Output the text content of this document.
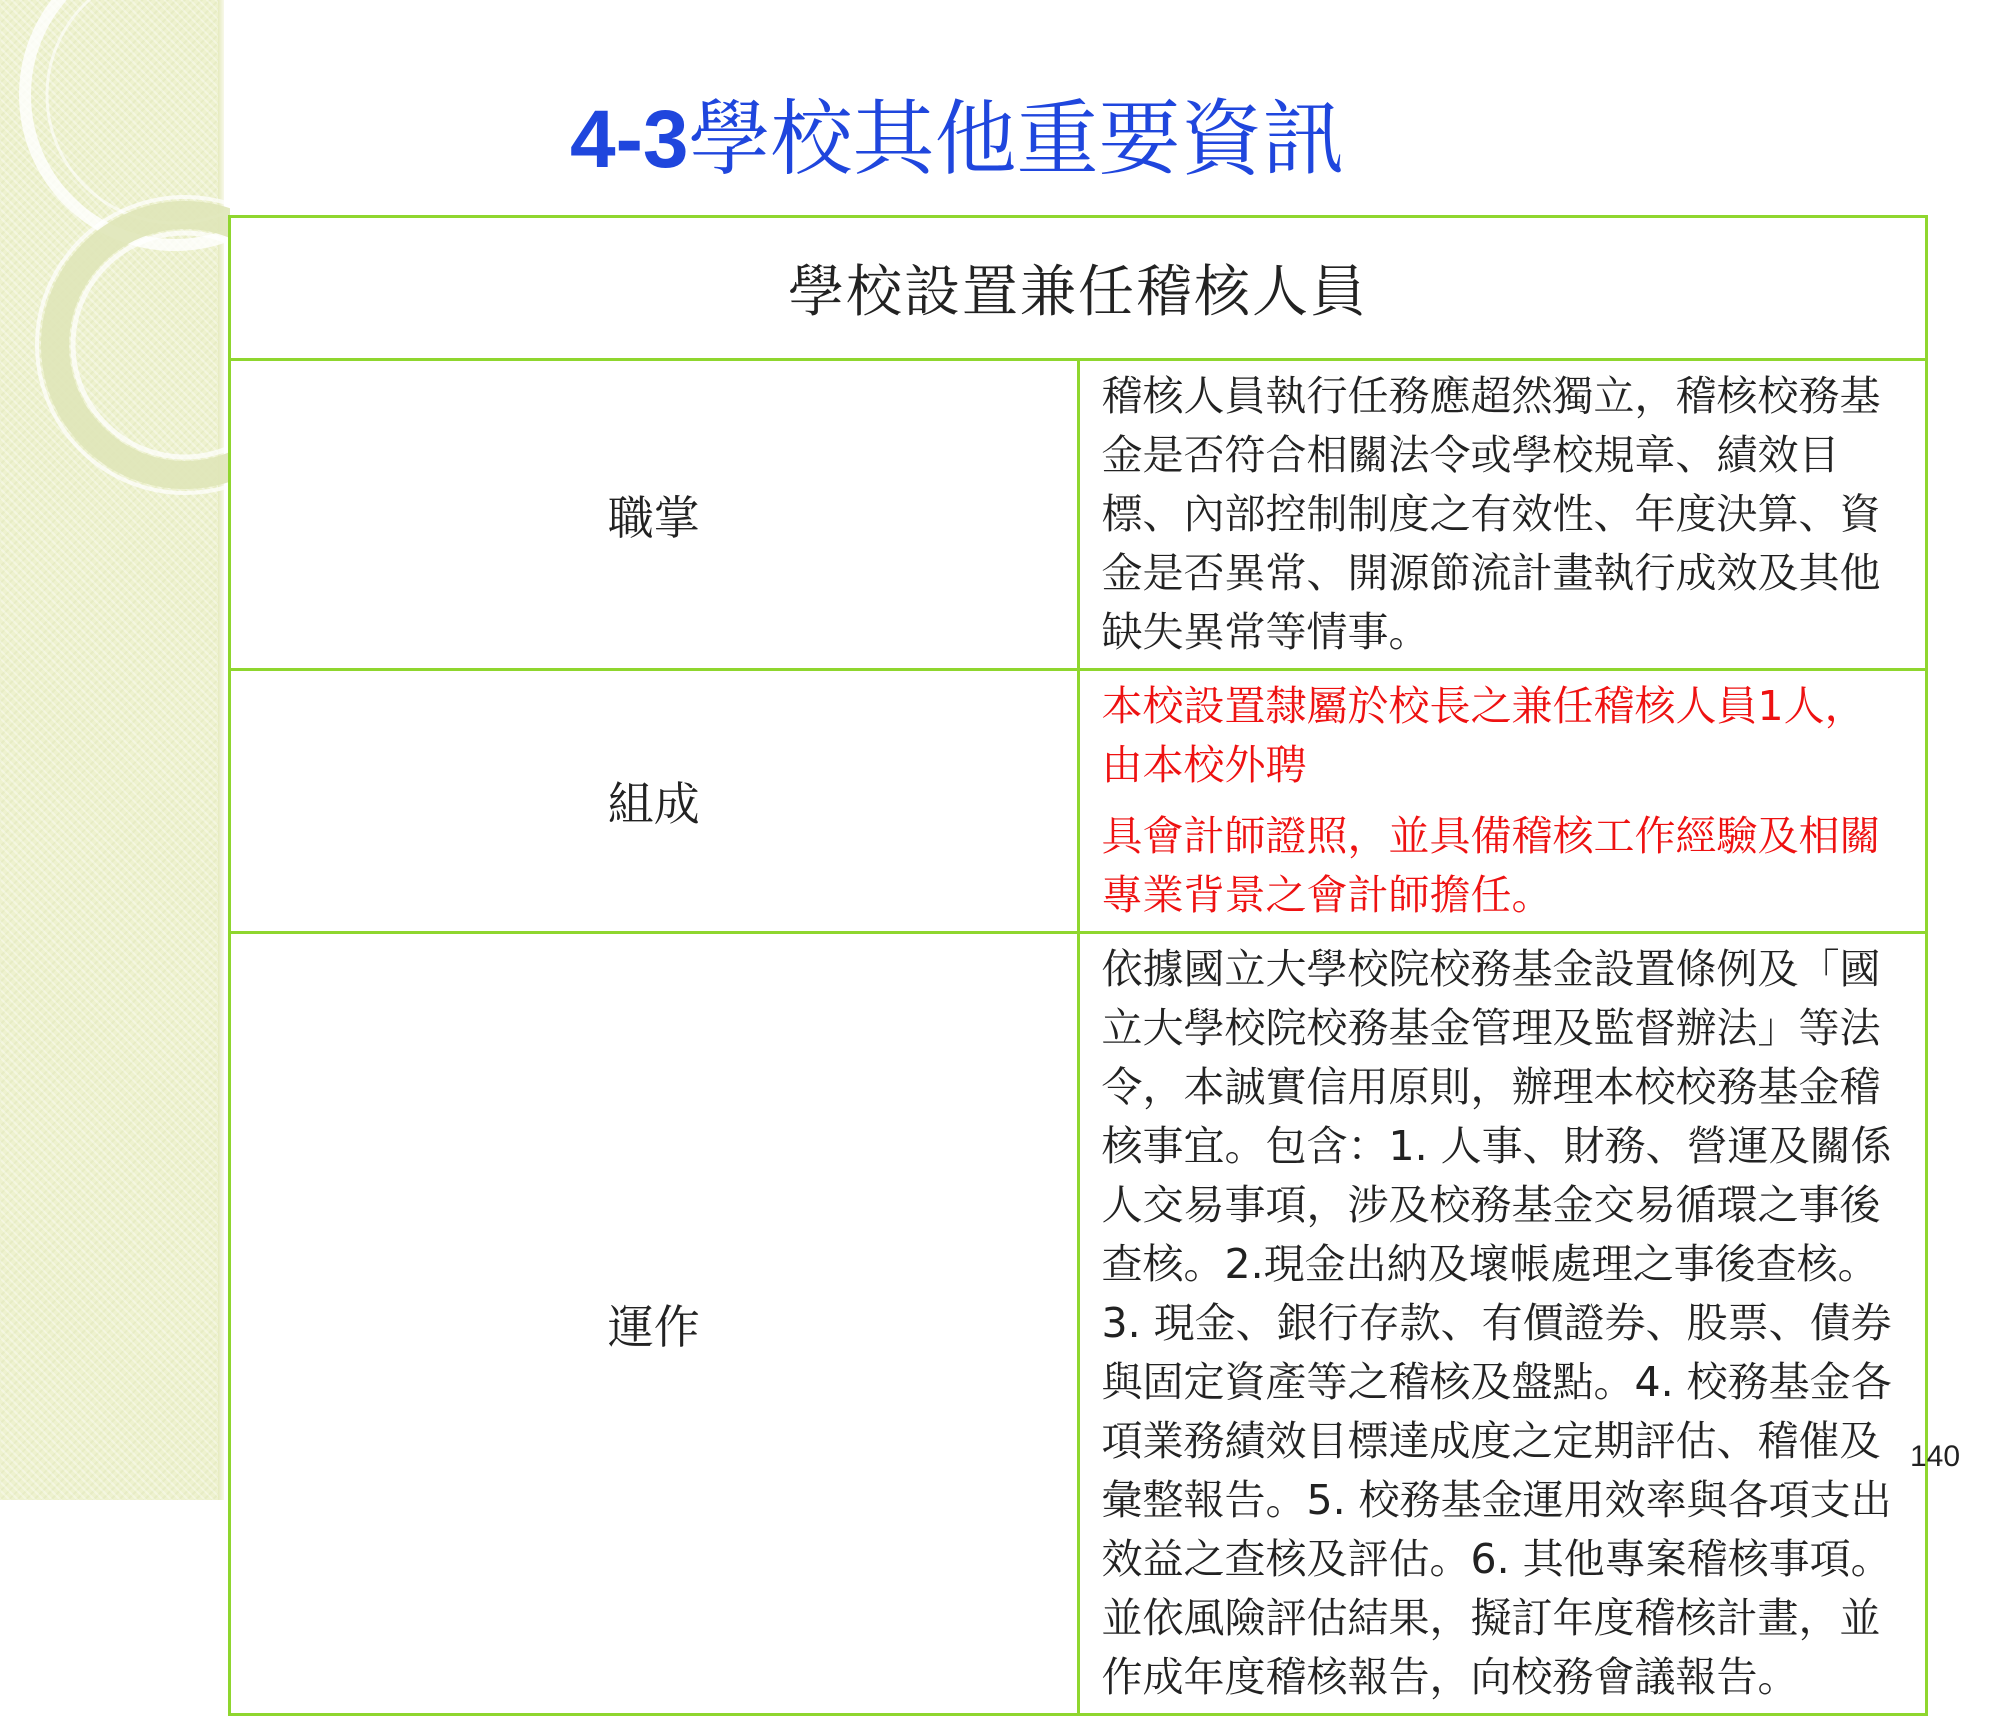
4-3學校其他重要資訊
學校設置兼任稽核人員	
職掌	稽核人員執行任務應超然獨立，稽核校務基金是否符合相關法令或學校規章、績效目標、內部控制制度之有效性、年度決算、資金是否異常、開源節流計畫執行成效及其他缺失異常等情事。
組成	本校設置隸屬於校長之兼任稽核人員1人，由本校外聘

具會計師證照，並具備稽核工作經驗及相關專業背景之會計師擔任。

運作	依據國立大學校院校務基金設置條例及「國立大學校院校務基金管理及監督辦法」等法令，本誠實信用原則，辦理本校校務基金稽核事宜。包含：1. 人事、財務、營運及關係人交易事項，涉及校務基金交易循環之事後查核。2.現金出納及壞帳處理之事後查核。3. 現金、銀行存款、有價證券、股票、債券與固定資產等之稽核及盤點。4. 校務基金各項業務績效目標達成度之定期評估、稽催及彙整報告。5. 校務基金運用效率與各項支出效益之查核及評估。6. 其他專案稽核事項。並依風險評估結果，擬訂年度稽核計畫，並作成年度稽核報告，向校務會議報告。
140
